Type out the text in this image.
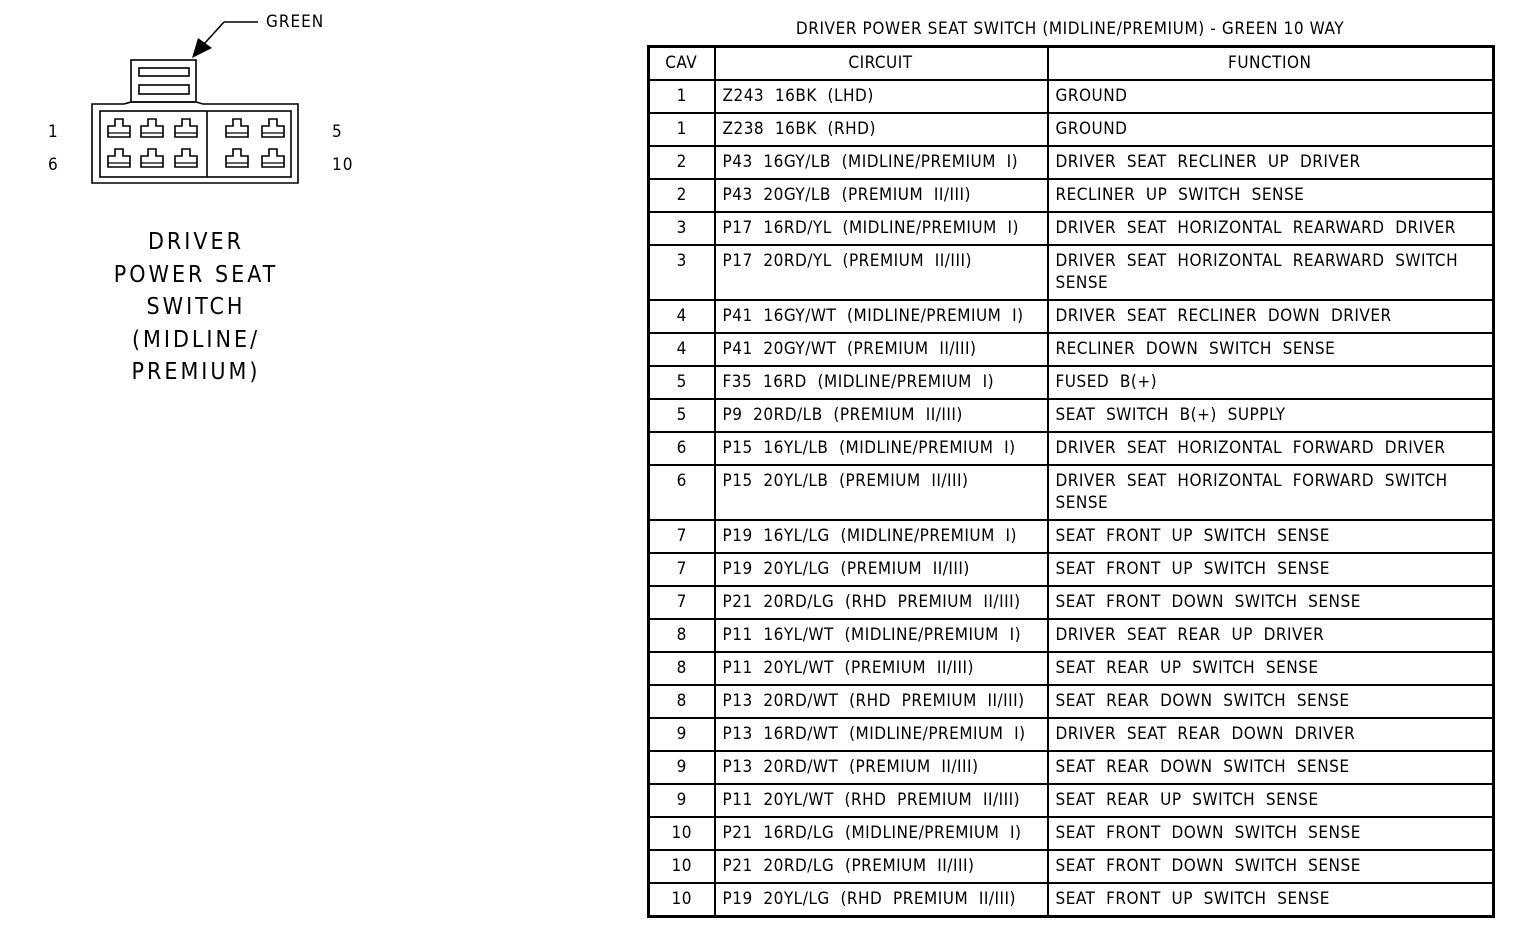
GREEN
1
6
5
10
DRIVER
POWER SEAT
SWITCH
(MIDLINE/
PREMIUM)
DRIVER POWER SEAT SWITCH (MIDLINE/PREMIUM) - GREEN 10 WAY
CAV	CIRCUIT	FUNCTION
1	Z243  16BK  (LHD)	GROUND
1	Z238  16BK  (RHD)	GROUND
2	P43  16GY/LB  (MIDLINE/PREMIUM  I)	DRIVER  SEAT  RECLINER  UP  DRIVER
2	P43  20GY/LB  (PREMIUM  II/III)	RECLINER  UP  SWITCH  SENSE
3	P17  16RD/YL  (MIDLINE/PREMIUM  I)	DRIVER  SEAT  HORIZONTAL  REARWARD  DRIVER
3	P17  20RD/YL  (PREMIUM  II/III)	DRIVER  SEAT  HORIZONTAL  REARWARD  SWITCH  SENSE
4	P41  16GY/WT  (MIDLINE/PREMIUM  I)	DRIVER  SEAT  RECLINER  DOWN  DRIVER
4	P41  20GY/WT  (PREMIUM  II/III)	RECLINER  DOWN  SWITCH  SENSE
5	F35  16RD  (MIDLINE/PREMIUM  I)	FUSED  B(+)
5	P9  20RD/LB  (PREMIUM  II/III)	SEAT  SWITCH  B(+)  SUPPLY
6	P15  16YL/LB  (MIDLINE/PREMIUM  I)	DRIVER  SEAT  HORIZONTAL  FORWARD  DRIVER
6	P15  20YL/LB  (PREMIUM  II/III)	DRIVER  SEAT  HORIZONTAL  FORWARD  SWITCH  SENSE
7	P19  16YL/LG  (MIDLINE/PREMIUM  I)	SEAT  FRONT  UP  SWITCH  SENSE
7	P19  20YL/LG  (PREMIUM  II/III)	SEAT  FRONT  UP  SWITCH  SENSE
7	P21  20RD/LG  (RHD  PREMIUM  II/III)	SEAT  FRONT  DOWN  SWITCH  SENSE
8	P11  16YL/WT  (MIDLINE/PREMIUM  I)	DRIVER  SEAT  REAR  UP  DRIVER
8	P11  20YL/WT  (PREMIUM  II/III)	SEAT  REAR  UP  SWITCH  SENSE
8	P13  20RD/WT  (RHD  PREMIUM  II/III)	SEAT  REAR  DOWN  SWITCH  SENSE
9	P13  16RD/WT  (MIDLINE/PREMIUM  I)	DRIVER  SEAT  REAR  DOWN  DRIVER
9	P13  20RD/WT  (PREMIUM  II/III)	SEAT  REAR  DOWN  SWITCH  SENSE
9	P11  20YL/WT  (RHD  PREMIUM  II/III)	SEAT  REAR  UP  SWITCH  SENSE
10	P21  16RD/LG  (MIDLINE/PREMIUM  I)	SEAT  FRONT  DOWN  SWITCH  SENSE
10	P21  20RD/LG  (PREMIUM  II/III)	SEAT  FRONT  DOWN  SWITCH  SENSE
10	P19  20YL/LG  (RHD  PREMIUM  II/III)	SEAT  FRONT  UP  SWITCH  SENSE
